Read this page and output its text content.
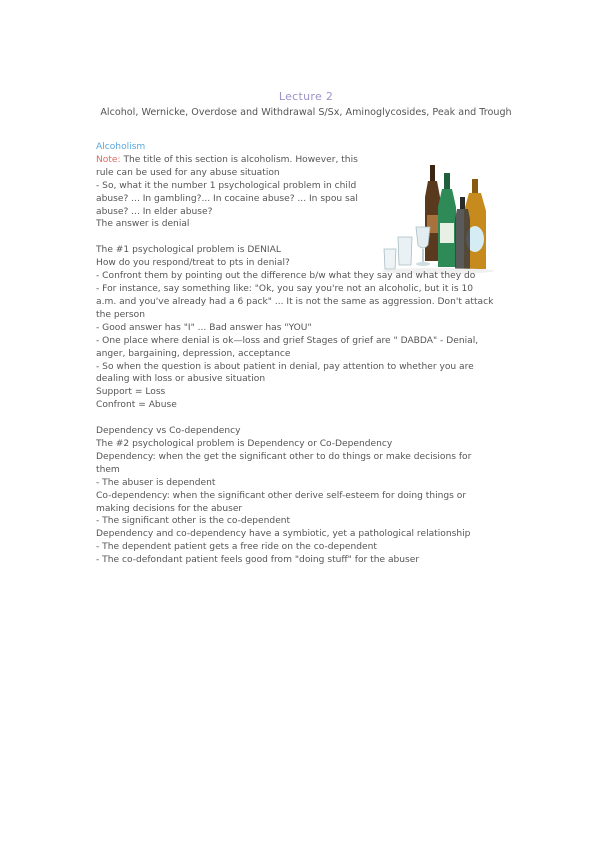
Lecture 2
Alcohol, Wernicke, Overdose and Withdrawal S/Sx, Aminoglycosides, Peak and Trough

Alcoholism

Note: The title of this section is alcoholism. However, this rule can be used for any abuse situation

- So, what it the number 1 psychological problem in child abuse? ... In gambling?... In cocaine abuse? ... In spou sal abuse? ... In elder abuse?

The answer is denial

The #1 psychological problem is DENIAL

How do you respond/treat to pts in denial?

- Confront them by pointing out the difference b/w what they say and what they do

- For instance, say something like: "Ok, you say you're not an alcoholic, but it is 10 a.m. and you've already had a 6 pack" ... It is not the same as aggression. Don't attack the person

- Good answer has "I" ... Bad answer has "YOU"

- One place where denial is ok—loss and grief Stages of grief are " DABDA" - Denial, anger, bargaining, depression, acceptance

- So when the question is about patient in denial, pay attention to whether you are dealing with loss or abusive situation

Support = Loss

Confront = Abuse

Dependency vs Co-dependency

The #2 psychological problem is Dependency or Co-Dependency

Dependency: when the get the significant other to do things or make decisions for them

- The abuser is dependent

Co-dependency: when the significant other derive self-esteem for doing things or making decisions for the abuser

- The significant other is the co-dependent

Dependency and co-dependency have a symbiotic, yet a pathological relationship

- The dependent patient gets a free ride on the co-dependent

- The co-defondant patient feels good from "doing stuff" for the abuser
